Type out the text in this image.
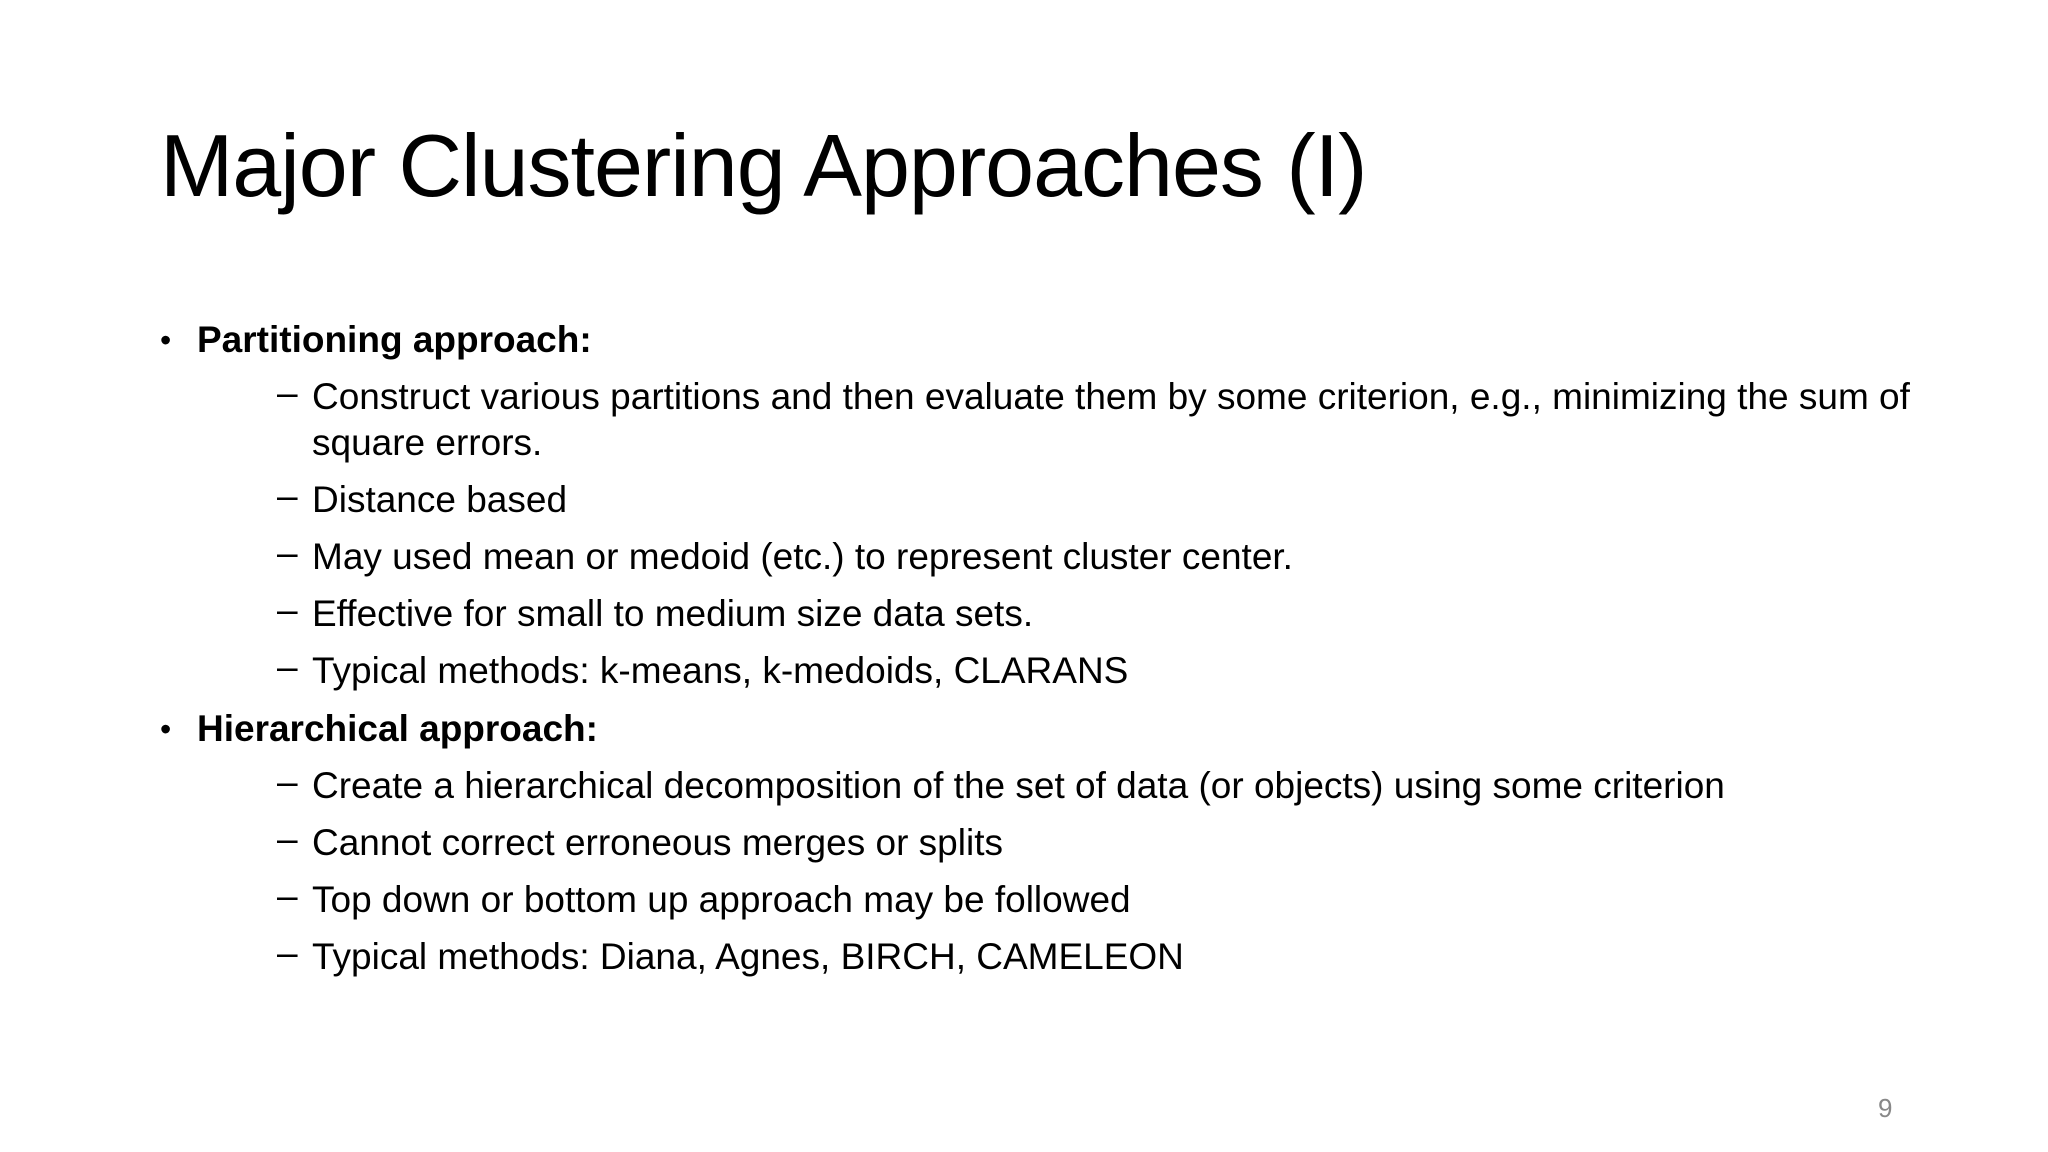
Major Clustering Approaches (I)
• Partitioning approach:
– Construct various partitions and then evaluate them by some criterion, e.g., minimizing the sum of square errors.
– Distance based
– May used mean or medoid (etc.) to represent cluster center.
– Effective for small to medium size data sets.
– Typical methods: k-means, k-medoids, CLARANS
• Hierarchical approach:
– Create a hierarchical decomposition of the set of data (or objects) using some criterion
– Cannot correct erroneous merges or splits
– Top down or bottom up approach may be followed
– Typical methods: Diana, Agnes, BIRCH, CAMELEON
9
